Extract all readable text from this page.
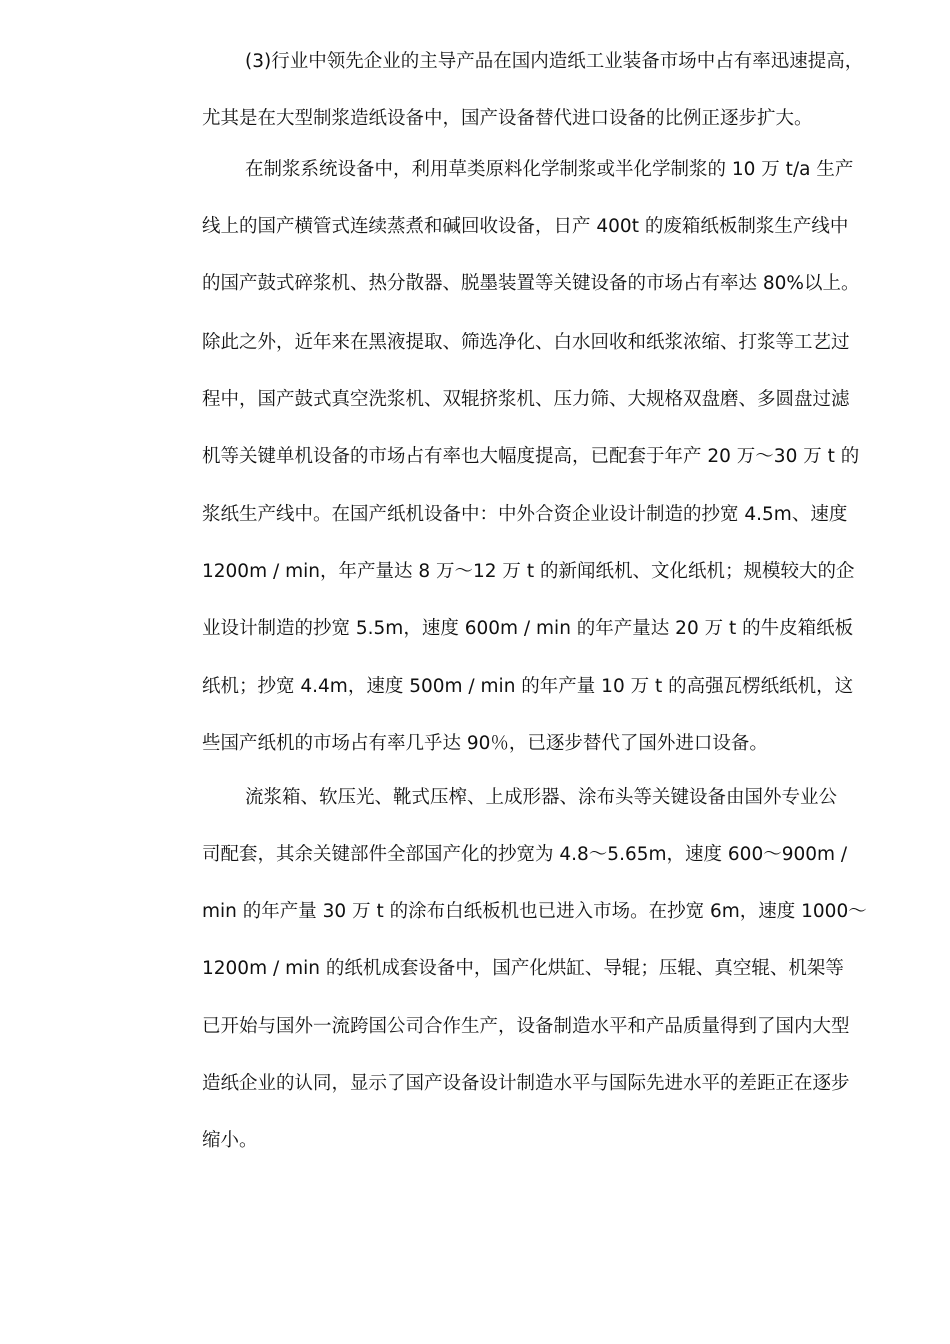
(3)行业中领先企业的主导产品在国内造纸工业装备市场中占有率迅速提高，
尤其是在大型制浆造纸设备中，国产设备替代进口设备的比例正逐步扩大。
在制浆系统设备中，利用草类原料化学制浆或半化学制浆的 10 万 t/a 生产
线上的国产横管式连续蒸煮和碱回收设备，日产 400t 的废箱纸板制浆生产线中
的国产鼓式碎浆机、热分散器、脱墨装置等关键设备的市场占有率达 80%以上。
除此之外，近年来在黑液提取、筛选净化、白水回收和纸浆浓缩、打浆等工艺过
程中，国产鼓式真空洗浆机、双辊挤浆机、压力筛、大规格双盘磨、多圆盘过滤
机等关键单机设备的市场占有率也大幅度提高，已配套于年产 20 万～30 万 t 的
浆纸生产线中。在国产纸机设备中：中外合资企业设计制造的抄宽 4.5m、速度
1200m / min，年产量达 8 万～12 万 t 的新闻纸机、文化纸机；规模较大的企
业设计制造的抄宽 5.5m，速度 600m / min 的年产量达 20 万 t 的牛皮箱纸板
纸机；抄宽 4.4m，速度 500m / min 的年产量 10 万 t 的高强瓦楞纸纸机，这
些国产纸机的市场占有率几乎达 90％，已逐步替代了国外进口设备。
流浆箱、软压光、靴式压榨、上成形器、涂布头等关键设备由国外专业公
司配套，其余关键部件全部国产化的抄宽为 4.8～5.65m，速度 600～900m /
min 的年产量 30 万 t 的涂布白纸板机也已进入市场。在抄宽 6m，速度 1000～
1200m / min 的纸机成套设备中，国产化烘缸、导辊；压辊、真空辊、机架等
已开始与国外一流跨国公司合作生产，设备制造水平和产品质量得到了国内大型
造纸企业的认同，显示了国产设备设计制造水平与国际先进水平的差距正在逐步
缩小。
